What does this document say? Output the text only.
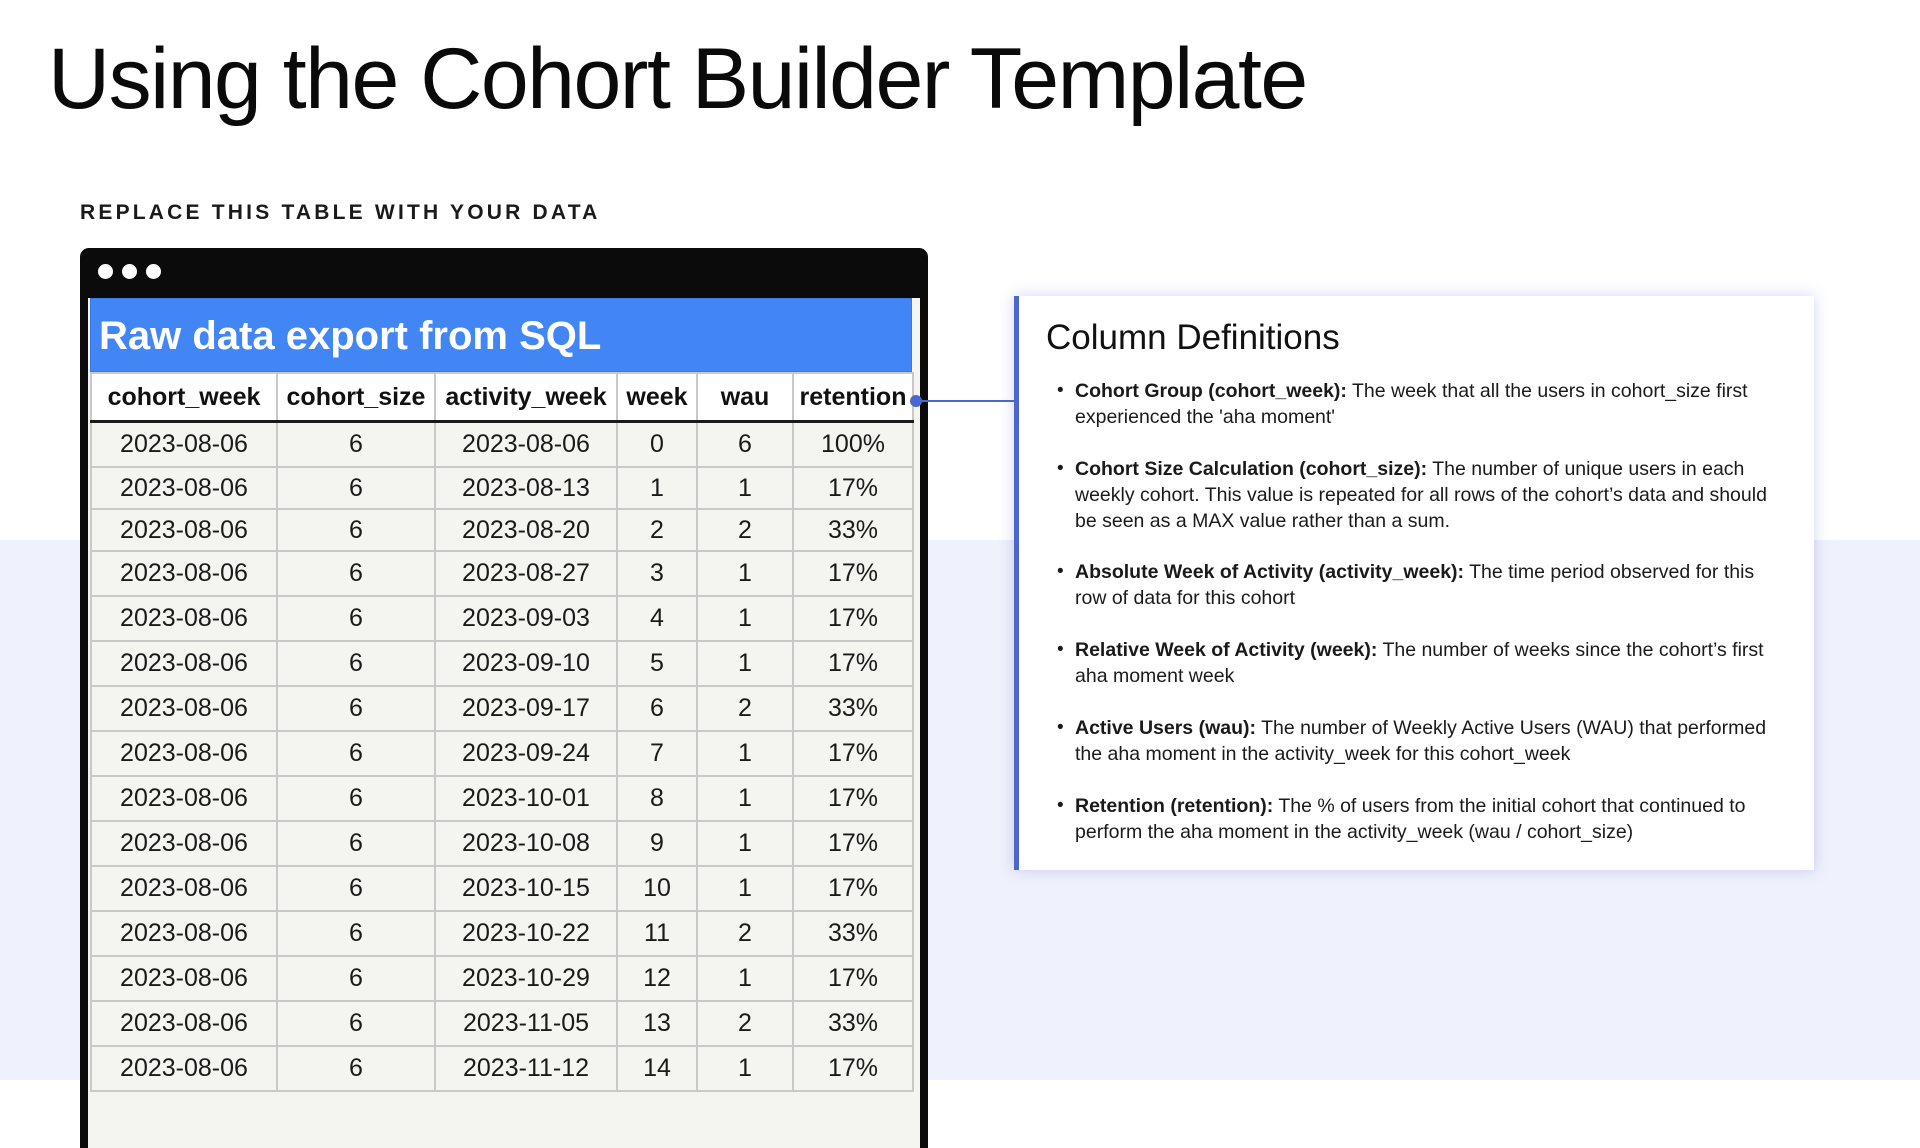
Using the Cohort Builder Template
REPLACE THIS TABLE WITH YOUR DATA
Raw data export from SQL
cohort_week	cohort_size	activity_week	week	wau	retention
2023-08-06	6	2023-08-06	0	6	100%
2023-08-06	6	2023-08-13	1	1	17%
2023-08-06	6	2023-08-20	2	2	33%
2023-08-06	6	2023-08-27	3	1	17%
2023-08-06	6	2023-09-03	4	1	17%
2023-08-06	6	2023-09-10	5	1	17%
2023-08-06	6	2023-09-17	6	2	33%
2023-08-06	6	2023-09-24	7	1	17%
2023-08-06	6	2023-10-01	8	1	17%
2023-08-06	6	2023-10-08	9	1	17%
2023-08-06	6	2023-10-15	10	1	17%
2023-08-06	6	2023-10-22	11	2	33%
2023-08-06	6	2023-10-29	12	1	17%
2023-08-06	6	2023-11-05	13	2	33%
2023-08-06	6	2023-11-12	14	1	17%
Column Definitions
• Cohort Group (cohort_week): The week that all the users in cohort_size first experienced the 'aha moment'
• Cohort Size Calculation (cohort_size): The number of unique users in each weekly cohort. This value is repeated for all rows of the cohort’s data and should be seen as a MAX value rather than a sum.
• Absolute Week of Activity (activity_week): The time period observed for this row of data for this cohort
• Relative Week of Activity (week): The number of weeks since the cohort’s first aha moment week
• Active Users (wau): The number of Weekly Active Users (WAU) that performed the aha moment in the activity_week for this cohort_week
• Retention (retention): The % of users from the initial cohort that continued to perform the aha moment in the activity_week (wau / cohort_size)
